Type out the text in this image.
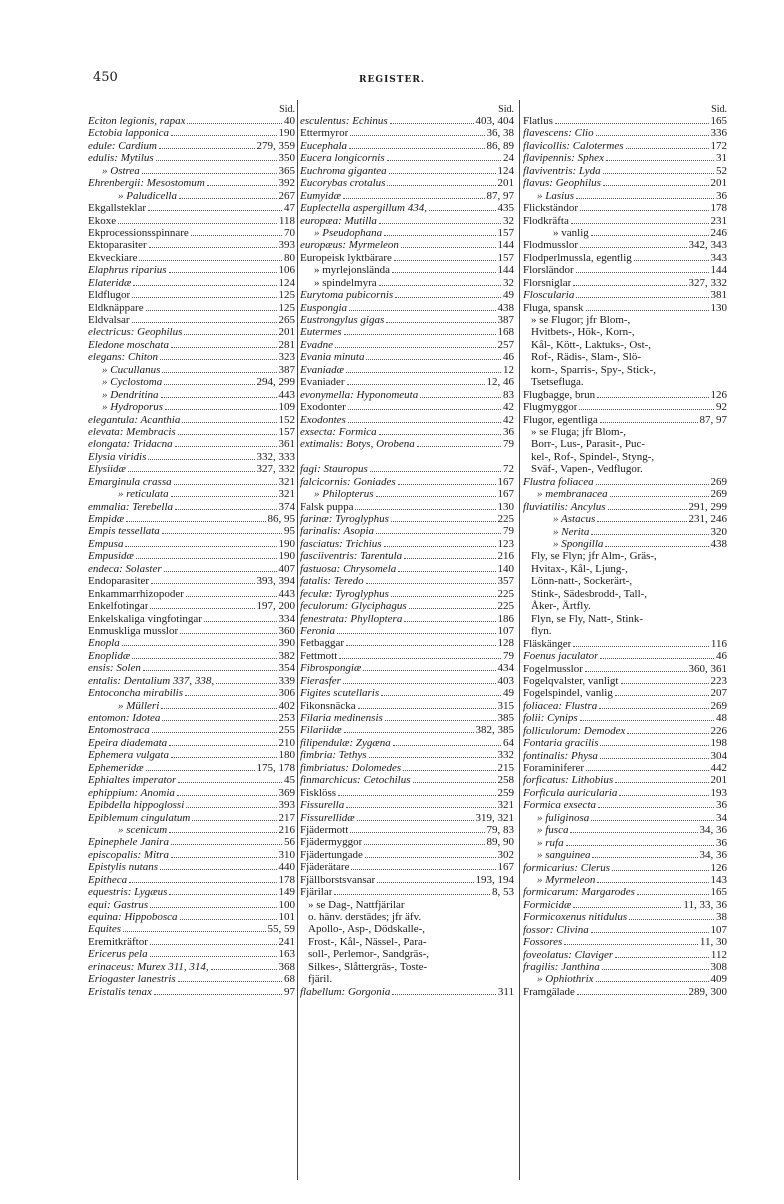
450	REGISTER.
Sid.
Eciton legionis, rapax	40
Ectobia lapponica	190
edule: Cardium	279, 359
edulis: Mytilus	350
» Ostrea	365
Ehrenbergii: Mesostomum	392
» Paludicella	267
Ekgallsteklar	47
Ekoxe	118
Ekprocessionsspinnare	70
Ektoparasiter	393
Ekveckiare	80
Elaphrus riparius	106
Elateridæ	124
Eldflugor	125
Eldknäppare	125
Eldvalsar	265
electricus: Geophilus	201
Eledone moschata	281
elegans: Chiton	323
» Cucullanus	387
» Cyclostoma	294, 299
» Dendritina	443
» Hydroporus	109
elegantula: Acanthia	152
elevata: Membracis	157
elongata: Tridacna	361
Elysia viridis	332, 333
Elysiidæ	327, 332
Emarginula crassa	321
» reticulata	321
emmalia: Terebella	374
Empidæ	86, 95
Empis tessellata	95
Empusa	190
Empusidæ	190
endeca: Solaster	407
Endoparasiter	393, 394
Enkammarrhizopoder	443
Enkelfotingar	197, 200
Enkelskaliga vingfotingar	334
Enmuskliga musslor	360
Enopla	390
Enoplidæ	382
ensis: Solen	354
entalis: Dentalium 337, 338,	339
Entoconcha mirabilis	306
» Mülleri	402
entomon: Idotea	253
Entomostraca	255
Epeira diademata	210
Ephemera vulgata	180
Ephemeridæ	175, 178
Ephialtes imperator	45
ephippium: Anomia	369
Epibdella hippoglossi	393
Epiblemum cingulatum	217
» scenicum	216
Epinephele Janira	56
episcopalis: Mitra	310
Epistylis nutans	440
Epitheca	178
equestris: Lygæus	149
equi: Gastrus	100
equina: Hippobosca	101
Equites	55, 59
Eremitkräftor	241
Ericerus pela	163
erinaceus: Murex 311, 314,	368
Eriogaster lanestris	68
Eristalis tenax	97
Sid.
esculentus: Echinus	403, 404
Ettermyror	36, 38
Eucephala	86, 89
Eucera longicornis	24
Euchroma gigantea	124
Eucorybas crotalus	201
Eumyidæ	87, 97
Euplectella aspergillum 434,	435
europæa: Mutilla	32
» Pseudophana	157
europæus: Myrmeleon	144
Europeisk lyktbärare	157
» myrlejonslända	144
» spindelmyra	32
Eurytoma pubicornis	49
Euspongia	438
Eustrongylus gigas	387
Eutermes	168
Evadne	257
Evania minuta	46
Evaniadæ	12
Evaniader	12, 46
evonymella: Hyponomeuta	83
Exodonter	42
Exodontes	42
exsecta: Formica	36
extimalis: Botys, Orobena	79
fagi: Stauropus	72
falcicornis: Goniades	167
» Philopterus	167
Falsk puppa	130
farinæ: Tyroglyphus	225
farinalis: Asopia	79
fasciatus: Trichius	123
fasciiventris: Tarentula	216
fastuosa: Chrysomela	140
fatalis: Teredo	357
feculæ: Tyroglyphus	225
feculorum: Glyciphagus	225
fenestrata: Phylloptera	186
Feronia	107
Fetbaggar	128
Fettmott	79
Fibrospongiæ	434
Fierasfer	403
Figites scutellaris	49
Fikonsnäcka	315
Filaria medinensis	385
Filariidæ	382, 385
filipendulæ: Zygæna	64
fimbria: Tethys	332
fimbriatus: Dolomedes	215
finmarchicus: Cetochilus	258
Fisklöss	259
Fissurella	321
Fissurellidæ	319, 321
Fjädermott	79, 83
Fjädermyggor	89, 90
Fjädertungade	302
Fjäderätare	167
Fjällborstsvansar	193, 194
Fjärilar	8, 53
» se Dag-, Nattfjärilar
o. hänv. derstädes; jfr äfv.
Apollo-, Asp-, Dödskalle-,
Frost-, Kål-, Nässel-, Para-
soll-, Perlemor-, Sandgräs-,
Silkes-, Slåttergräs-, Toste-
fjäril.
flabellum: Gorgonia	311
Sid.
Flatlus	165
flavescens: Clio	336
flavicollis: Calotermes	172
flavipennis: Sphex	31
flaviventris: Lyda	52
flavus: Geophilus	201
» Lasius	36
Flickständor	178
Flodkräfta	231
» vanlig	246
Flodmusslor	342, 343
Flodperlmussla, egentlig	343
Florsländor	144
Florsniglar	327, 332
Floscularia	381
Fluga, spansk	130
» se Flugor; jfr Blom-,
Hvitbets-, Hök-, Korn-,
Kål-, Kött-, Laktuks-, Ost-,
Rof-, Rädis-, Slam-, Slö-
korn-, Sparris-, Spy-, Stick-,
Tsetsefluga.
Flugbagge, brun	126
Flugmyggor	92
Flugor, egentliga	87, 97
» se Fluga; jfr Blom-,
Borr-, Lus-, Parasit-, Puc-
kel-, Rof-, Spindel-, Styng-,
Sväf-, Vapen-, Vedflugor.
Flustra foliacea	269
» membranacea	269
fluviatilis: Ancylus	291, 299
» Astacus	231, 246
» Nerita	320
» Spongilla	438
Fly, se Flyn; jfr Alm-, Gräs-,
Hvitax-, Kål-, Ljung-,
Lönn-natt-, Sockerärt-,
Stink-, Sädesbrodd-, Tall-,
Åker-, Ärtfly.
Flyn, se Fly, Natt-, Stink-
flyn.
Fläskänger	116
Foenus jaculator	46
Fogelmusslor	360, 361
Fogelqvalster, vanligt	223
Fogelspindel, vanlig	207
foliacea: Flustra	269
folii: Cynips	48
folliculorum: Demodex	226
Fontaria gracilis	198
fontinalis: Physa	304
Foraminiferer	442
forficatus: Lithobius	201
Forficula auricularia	193
Formica exsecta	36
» fuliginosa	34
» fusca	34, 36
» rufa	36
» sanguinea	34, 36
formicarius: Clerus	126
» Myrmeleon	143
formicarum: Margarodes	165
Formicidæ	11, 33, 36
Formicoxenus nitidulus	38
fossor: Clivina	107
Fossores	11, 30
foveolatus: Claviger	112
fragilis: Janthina	308
» Ophiothrix	409
Framgälade	289, 300
